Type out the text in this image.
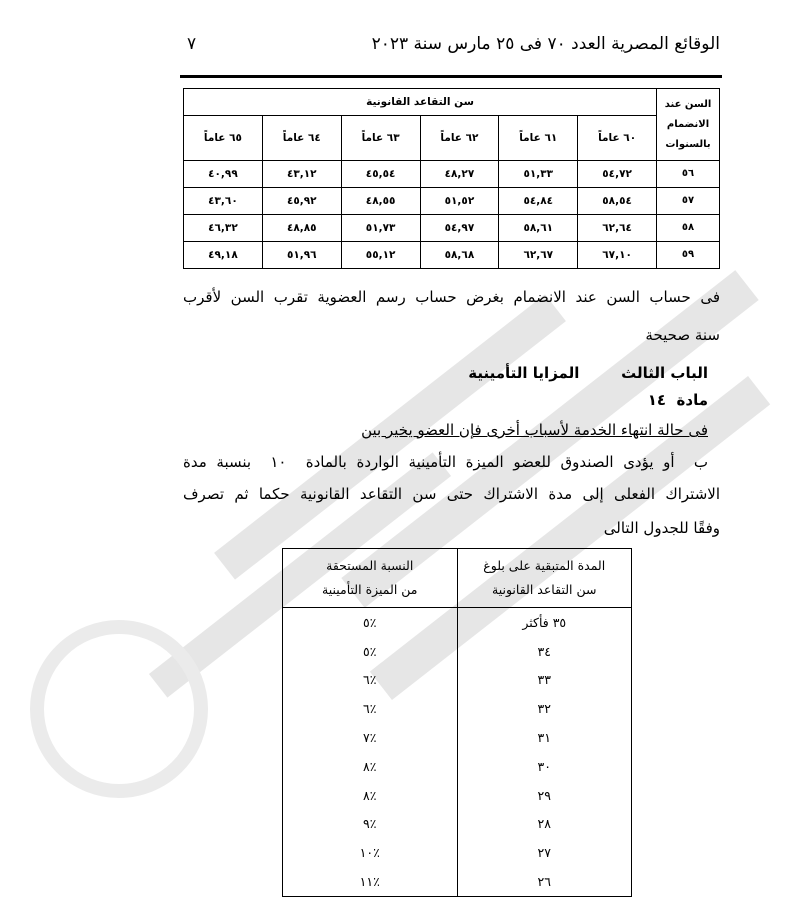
الوقائع المصرية العدد ٧٠ فى ٢٥ مارس سنة ٢٠٢٣
٧
السن عند الانضمام بالسنوات	سن التقاعد القانونية					
	٦٠ عاماً	٦١ عاماً	٦٢ عاماً	٦٣ عاماً	٦٤ عاماً	٦٥ عاماً
٥٦	٥٤,٧٢	٥١,٣٣	٤٨,٢٧	٤٥,٥٤	٤٣,١٢	٤٠,٩٩
٥٧	٥٨,٥٤	٥٤,٨٤	٥١,٥٢	٤٨,٥٥	٤٥,٩٢	٤٣,٦٠
٥٨	٦٢,٦٤	٥٨,٦١	٥٤,٩٧	٥١,٧٣	٤٨,٨٥	٤٦,٣٢
٥٩	٦٧,١٠	٦٢,٦٧	٥٨,٦٨	٥٥,١٢	٥١,٩٦	٤٩,١٨
فى حساب السن عند الانضمام بغرض حساب رسم العضوية تقرب السن لأقرب
سنة صحيحة
الباب الثالث        المزايا التأمينية
مادة  ١٤
فى حالة انتهاء الخدمة لأسباب أخرى فإن العضو يخير بين
ب  أو يؤدى الصندوق للعضو الميزة التأمينية الواردة بالمادة  ١٠  بنسبة مدة
الاشتراك الفعلى إلى مدة الاشتراك حتى سن التقاعد القانونية حكما ثم تصرف
وفقًا للجدول التالى
المدة المتبقية على بلوغ
سن التقاعد القانونية	النسبة المستحقة
من الميزة التأمينية
٣٥ فأكثر	٪٥
٣٤	٪٥
٣٣	٪٦
٣٢	٪٦
٣١	٪٧
٣٠	٪٨
٢٩	٪٨
٢٨	٪٩
٢٧	٪١٠
٢٦	٪١١
